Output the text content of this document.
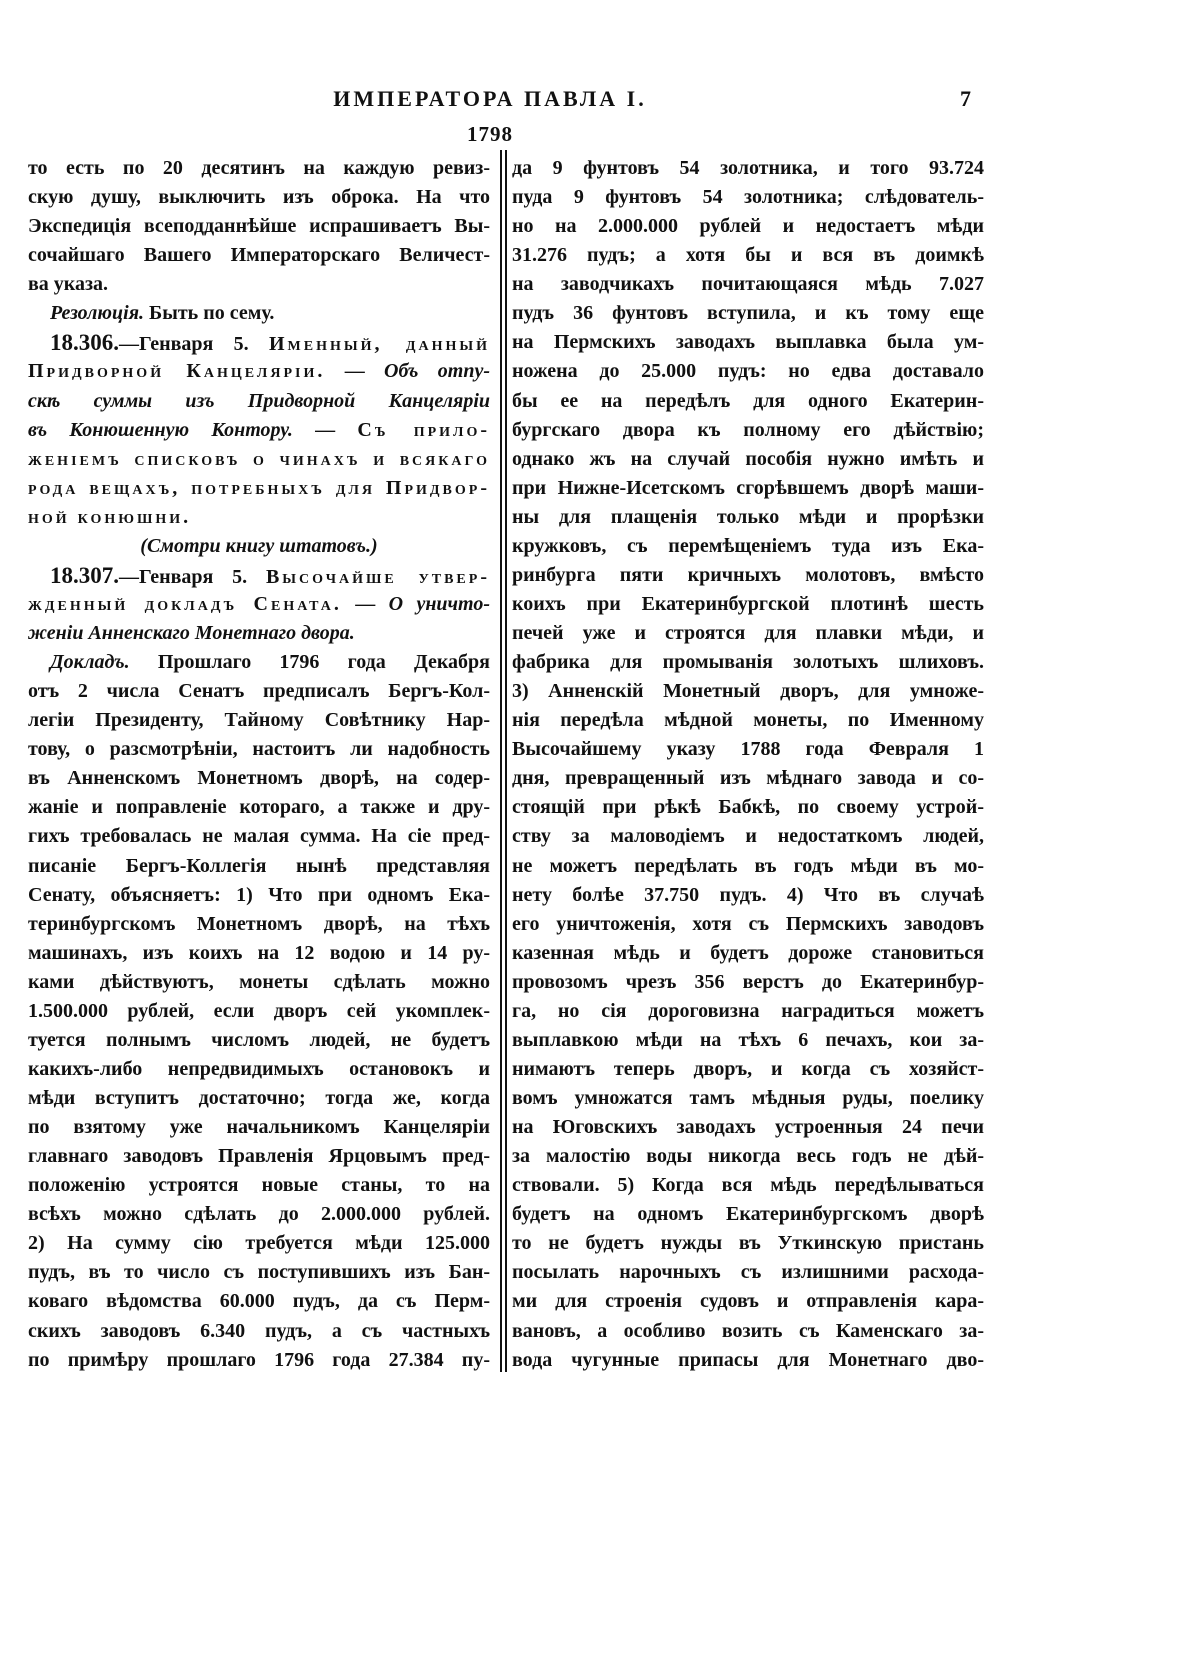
ИМПЕРАТОРА ПАВЛА I.	7
1798
то есть по 20 десятинъ на каждую ревиз-
скую душу, выключить изъ оброка. На что
Экспедиція всеподданнѣйше испрашиваетъ Вы-
сочайшаго Вашего Императорскаго Величест-
ва указа.
Резолюція. Быть по сему.
18.306.—Генваря 5. Именный, данный
Придворной Канцеляріи. — Объ отпу-
скѣ суммы изъ Придворной Канцеляріи
въ Конюшенную Контору. — Съ прило-
женіемъ списковъ о чинахъ и всякаго
рода вещахъ, потребныхъ для Придвор-
ной конюшни.
(Смотри книгу штатовъ.)
18.307.—Генваря 5. Высочайше утвер-
жденный докладъ Сената. — О уничто-
женіи Анненскаго Монетнаго двора.
Докладъ. Прошлаго 1796 года Декабря
отъ 2 числа Сенатъ предписалъ Бергъ-Кол-
легіи Президенту, Тайному Совѣтнику Нар-
тову, о разсмотрѣніи, настоитъ ли надобность
въ Анненскомъ Монетномъ дворѣ, на содер-
жаніе и поправленіе котораго, а также и дру-
гихъ требовалась не малая сумма. На сіе пред-
писаніе Бергъ-Коллегія нынѣ представляя
Сенату, объясняетъ: 1) Что при одномъ Ека-
теринбургскомъ Монетномъ дворѣ, на тѣхъ
машинахъ, изъ коихъ на 12 водою и 14 ру-
ками дѣйствуютъ, монеты сдѣлать можно
1.500.000 рублей, если дворъ сей укомплек-
туется полнымъ числомъ людей, не будетъ
какихъ-либо непредвидимыхъ остановокъ и
мѣди вступитъ достаточно; тогда же, когда
по взятому уже начальникомъ Канцеляріи
главнаго заводовъ Правленія Ярцовымъ пред-
положенію устроятся новые станы, то на
всѣхъ можно сдѣлать до 2.000.000 рублей.
2) На сумму сію требуется мѣди 125.000
пудъ, въ то число съ поступившихъ изъ Бан-
коваго вѣдомства 60.000 пудъ, да съ Перм-
скихъ заводовъ 6.340 пудъ, а съ частныхъ
по примѣру прошлаго 1796 года 27.384 пу-
да 9 фунтовъ 54 золотника, и того 93.724
пуда 9 фунтовъ 54 золотника; слѣдователь-
но на 2.000.000 рублей и недостаетъ мѣди
31.276 пудъ; а хотя бы и вся въ доимкѣ
на заводчикахъ почитающаяся мѣдь 7.027
пудъ 36 фунтовъ вступила, и къ тому еще
на Пермскихъ заводахъ выплавка была ум-
ножена до 25.000 пудъ: но едва доставало
бы ее на передѣлъ для одного Екатерин-
бургскаго двора къ полному его дѣйствію;
однако жъ на случай пособія нужно имѣть и
при Нижне-Исетскомъ сгорѣвшемъ дворѣ маши-
ны для плащенія только мѣди и прорѣзки
кружковъ, съ перемѣщеніемъ туда изъ Ека-
ринбурга пяти кричныхъ молотовъ, вмѣсто
коихъ при Екатеринбургской плотинѣ шесть
печей уже и строятся для плавки мѣди, и
фабрика для промыванія золотыхъ шлиховъ.
3) Анненскій Монетный дворъ, для умноже-
нія передѣла мѣдной монеты, по Именному
Высочайшему указу 1788 года Февраля 1
дня, превращенный изъ мѣднаго завода и со-
стоящій при рѣкѣ Бабкѣ, по своему устрой-
ству за маловодіемъ и недостаткомъ людей,
не можетъ передѣлать въ годъ мѣди въ мо-
нету болѣе 37.750 пудъ. 4) Что въ случаѣ
его уничтоженія, хотя съ Пермскихъ заводовъ
казенная мѣдь и будетъ дороже становиться
провозомъ чрезъ 356 верстъ до Екатеринбур-
га, но сія дороговизна наградиться можетъ
выплавкою мѣди на тѣхъ 6 печахъ, кои за-
нимаютъ теперь дворъ, и когда съ хозяйст-
вомъ умножатся тамъ мѣдныя руды, поелику
на Юговскихъ заводахъ устроенныя 24 печи
за малостію воды никогда весь годъ не дѣй-
ствовали. 5) Когда вся мѣдь передѣлываться
будетъ на одномъ Екатеринбургскомъ дворѣ
то не будетъ нужды въ Уткинскую пристань
посылать нарочныхъ съ излишними расхода-
ми для строенія судовъ и отправленія кара-
вановъ, а особливо возить съ Каменскаго за-
вода чугунные припасы для Монетнаго дво-
